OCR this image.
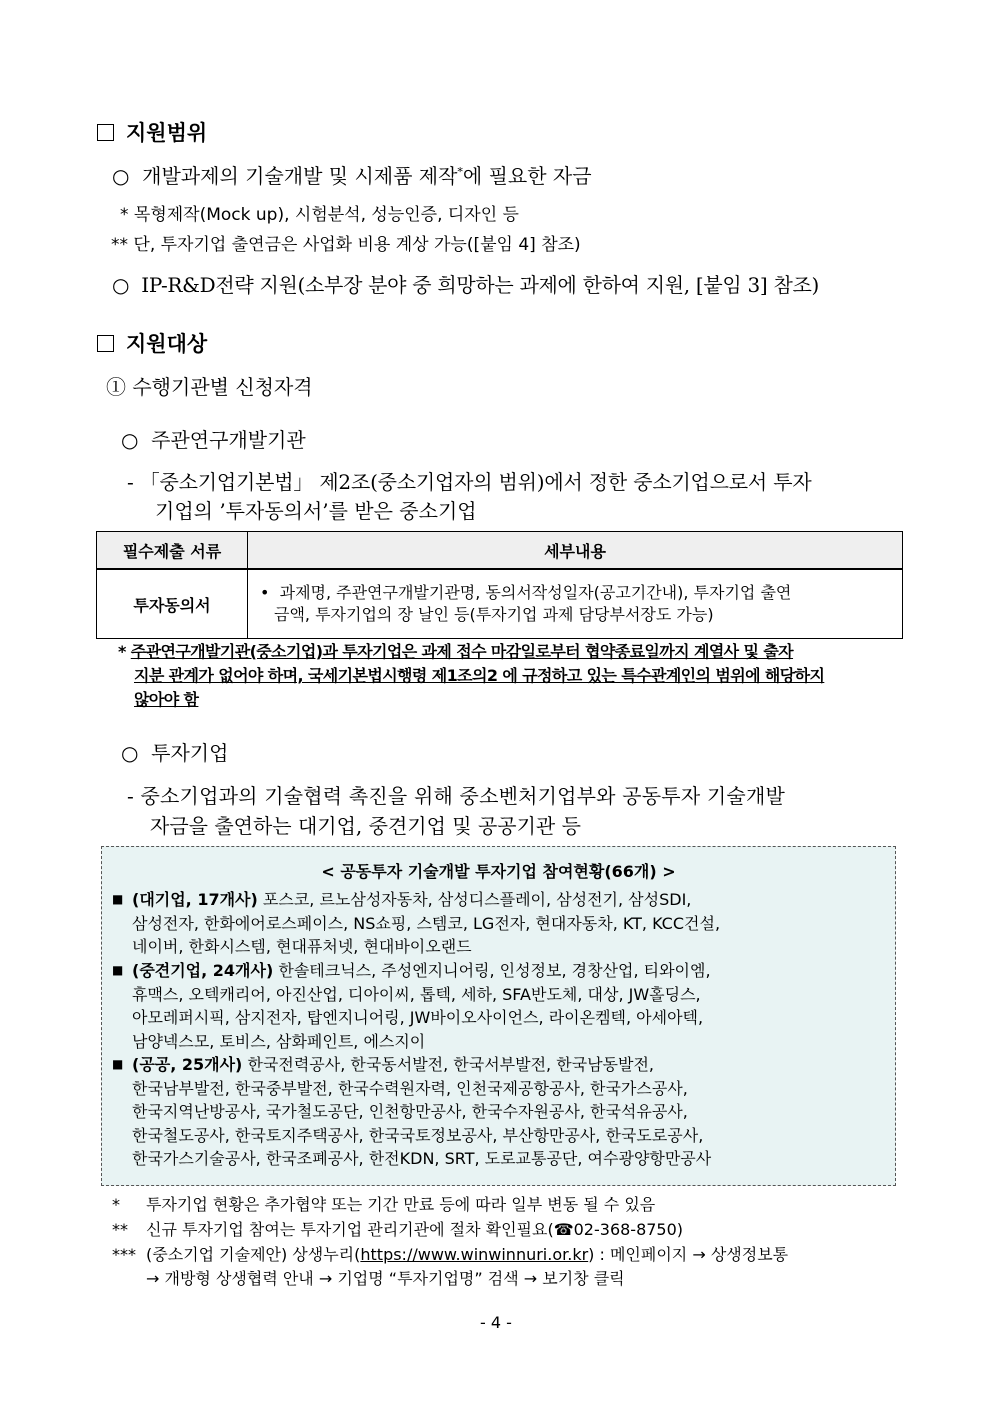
지원범위
○ 개발과제의 기술개발 및 시제품 제작*에 필요한 자금
* 목형제작(Mock up), 시험분석, 성능인증, 디자인 등
** 단, 투자기업 출연금은 사업화 비용 계상 가능([붙임 4] 참조)
○ IP-R&D전략 지원(소부장 분야 중 희망하는 과제에 한하여 지원, [붙임 3] 참조)
지원대상
① 수행기관별 신청자격
○ 주관연구개발기관
- 「중소기업기본법」 제2조(중소기업자의 범위)에서 정한 중소기업으로서 투자
기업의 ’투자동의서’를 받은 중소기업
필수제출 서류	세부내용
투자동의서	• 과제명, 주관연구개발기관명, 동의서작성일자(공고기간내), 투자기업 출연
금액, 투자기업의 장 날인 등(투자기업 과제 담당부서장도 가능)
* 주관연구개발기관(중소기업)과 투자기업은 과제 접수 마감일로부터 협약종료일까지 계열사 및 출자
지분 관계가 없어야 하며, 국세기본법시행령 제1조의2 에 규정하고 있는 특수관계인의 범위에 해당하지
않아야 함
○ 투자기업
- 중소기업과의 기술협력 촉진을 위해 중소벤처기업부와 공동투자 기술개발
자금을 출연하는 대기업, 중견기업 및 공공기관 등
< 공동투자 기술개발 투자기업 참여현황(66개) >
■ (대기업, 17개사) 포스코, 르노삼성자동차, 삼성디스플레이, 삼성전기, 삼성SDI,
삼성전자, 한화에어로스페이스, NS쇼핑, 스템코, LG전자, 현대자동차, KT, KCC건설,
네이버, 한화시스템, 현대퓨처넷, 현대바이오랜드
■ (중견기업, 24개사) 한솔테크닉스, 주성엔지니어링, 인성정보, 경창산업, 티와이엠,
휴맥스, 오텍캐리어, 아진산업, 디아이씨, 톱텍, 세하, SFA반도체, 대상, JW홀딩스,
아모레퍼시픽, 삼지전자, 탑엔지니어링, JW바이오사이언스, 라이온켐텍, 아세아텍,
남양넥스모, 토비스, 삼화페인트, 에스지이
■ (공공, 25개사) 한국전력공사, 한국동서발전, 한국서부발전, 한국남동발전,
한국남부발전, 한국중부발전, 한국수력원자력, 인천국제공항공사, 한국가스공사,
한국지역난방공사, 국가철도공단, 인천항만공사, 한국수자원공사, 한국석유공사,
한국철도공사, 한국토지주택공사, 한국국토정보공사, 부산항만공사, 한국도로공사,
한국가스기술공사, 한국조폐공사, 한전KDN, SRT, 도로교통공단, 여수광양항만공사
* 투자기업 현황은 추가협약 또는 기간 만료 등에 따라 일부 변동 될 수 있음
** 신규 투자기업 참여는 투자기업 관리기관에 절차 확인필요(☎02-368-8750)
*** (중소기업 기술제안) 상생누리(https://www.winwinnuri.or.kr) : 메인페이지 → 상생정보통
→ 개방형 상생협력 안내 → 기업명 “투자기업명” 검색 → 보기창 클릭
- 4 -
